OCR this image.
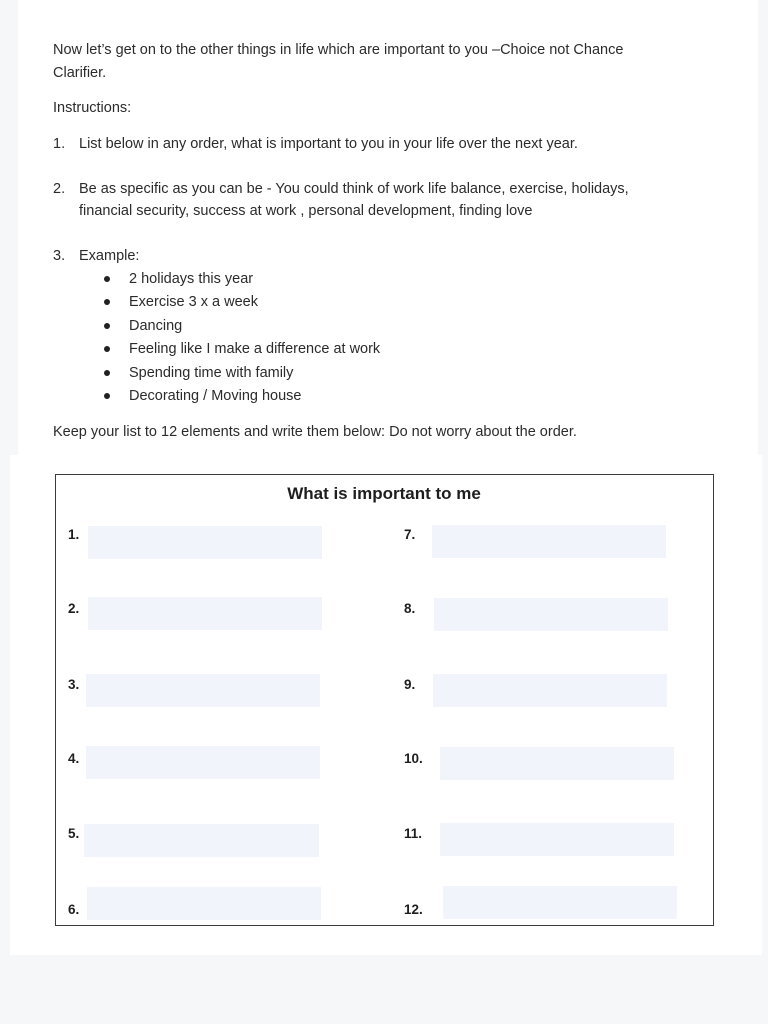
Now let’s get on to the other things in life which are important to you –Choice not Chance
Clarifier.
Instructions:
1. List below in any order, what is important to you in your life over the next year.
2. Be as specific as you can be - You could think of work life balance, exercise, holidays,
financial security, success at work , personal development, finding love
3. Example:
2 holidays this year
Exercise 3 x a week
Dancing
Feeling like I make a difference at work
Spending time with family
Decorating / Moving house
Keep your list to 12 elements and write them below: Do not worry about the order.
What is important to me
1.
2.
3.
4.
5.
6.
7.
8.
9.
10.
11.
12.
